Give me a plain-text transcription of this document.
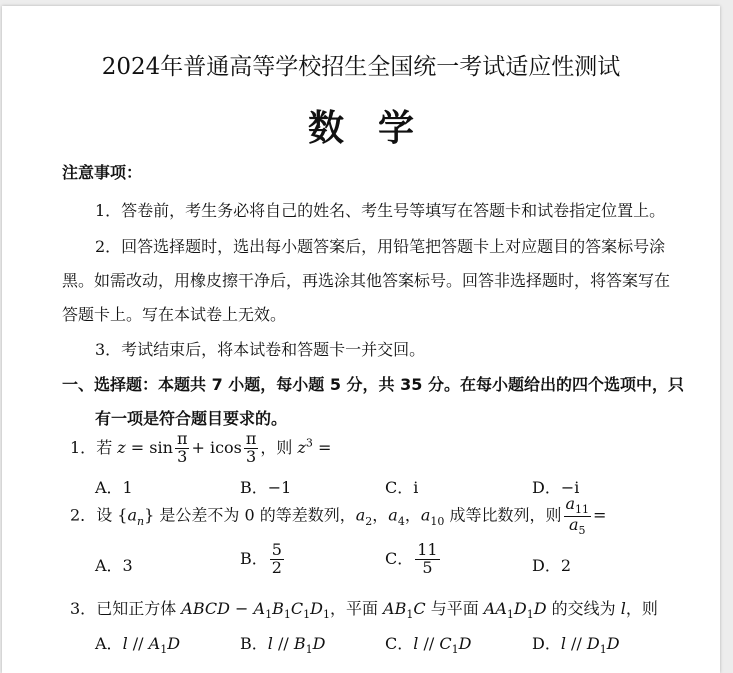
2024年普通高等学校招生全国统一考试适应性测试
数学
注意事项：
1．答卷前，考生务必将自己的姓名、考生号等填写在答题卡和试卷指定位置上。
2．回答选择题时，选出每小题答案后，用铅笔把答题卡上对应题目的答案标号涂
黑。如需改动，用橡皮擦干净后，再选涂其他答案标号。回答非选择题时，将答案写在
答题卡上。写在本试卷上无效。
3．考试结束后，将本试卷和答题卡一并交回。
一、选择题：本题共 7 小题，每小题 5 分，共 35 分。在每小题给出的四个选项中，只
有一项是符合题目要求的。
1．若 $z = \sin \frac{\pi}{3} + icos \frac{\pi}{3}$ ，则 $z^3$ =
A．1	B．−1	C．i	D．−i
2．设 $\{a_n\}$ 是公差不为 0 的等差数列，$a_2$，$a_4$，$a_{10}$ 成等比数列，则 $\frac{a_{11}}{a_5}$ =
A．3	B． $\frac{5}{2}$	C． $\frac{11}{5}$	D．2
3．已知正方体 ABCD − $A_1B_1C_1D_1$，平面 $AB_1C$ 与平面 $AA_1D_1D$ 的交线为 l，则
A．l // $A_1D$	B．l // $B_1D$	C．l // $C_1D$	D．l // $D_1D$
